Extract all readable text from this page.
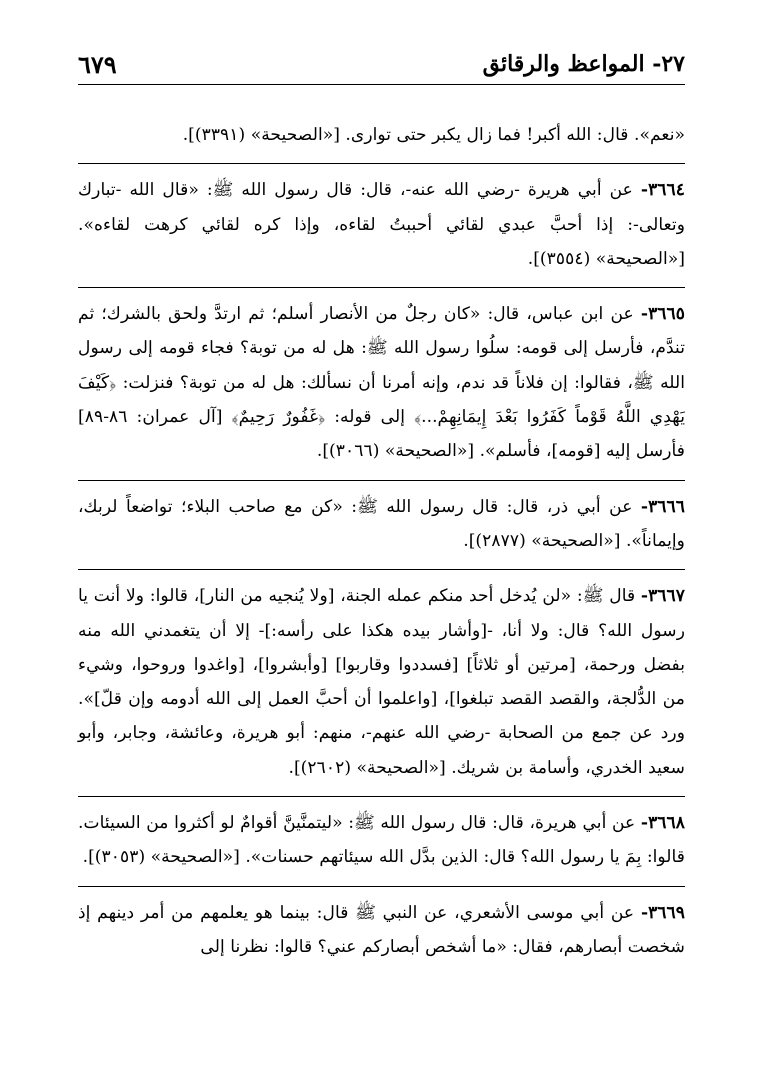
٢٧- المواعظ والرقائق
٦٧٩

«نعم». قال: الله أكبر! فما زال يكبر حتى توارى. [«الصحيحة» (٣٣٩١)].

٣٦٦٤- عن أبي هريرة -رضي الله عنه-، قال: قال رسول الله ﷺ: «قال الله -تبارك وتعالى-: إذا أحبَّ عبدي لقائي أحببتُ لقاءه، وإذا كره لقائي كرهت لقاءه». [«الصحيحة» (٣٥٥٤)].

٣٦٦٥- عن ابن عباس، قال: «كان رجلٌ من الأنصار أسلم؛ ثم ارتدَّ ولحق بالشرك؛ ثم تندَّم، فأرسل إلى قومه: سلُوا رسول الله ﷺ: هل له من توبة؟ فجاء قومه إلى رسول الله ﷺ، فقالوا: إن فلاناً قد ندم، وإنه أمرنا أن نسألك: هل له من توبة؟ فنزلت: ﴿كَيْفَ يَهْدِي اللَّهُ قَوْماً كَفَرُوا بَعْدَ إِيمَانِهِمْ...﴾ إلى قوله: ﴿غَفُورٌ رَحِيمٌ﴾ [آل عمران: ٨٦-٨٩] فأرسل إليه [قومه]، فأسلم». [«الصحيحة» (٣٠٦٦)].

٣٦٦٦- عن أبي ذر، قال: قال رسول الله ﷺ: «كن مع صاحب البلاء؛ تواضعاً لربك، وإيماناً». [«الصحيحة» (٢٨٧٧)].

٣٦٦٧- قال ﷺ: «لن يُدخل أحد منكم عمله الجنة، [ولا يُنجيه من النار]، قالوا: ولا أنت يا رسول الله؟ قال: ولا أنا، -[وأشار بيده هكذا على رأسه:]- إلا أن يتغمدني الله منه بفضل ورحمة، [مرتين أو ثلاثاً] [فسددوا وقاربوا] [وأبشروا]، [واغدوا وروحوا، وشيء من الدُّلجة، والقصد القصد تبلغوا]، [واعلموا أن أحبَّ العمل إلى الله أدومه وإن قلّ]». ورد عن جمع من الصحابة -رضي الله عنهم-، منهم: أبو هريرة، وعائشة، وجابر، وأبو سعيد الخدري، وأسامة بن شريك. [«الصحيحة» (٢٦٠٢)].

٣٦٦٨- عن أبي هريرة، قال: قال رسول الله ﷺ: «ليتمنَّينَّ أقوامٌ لو أكثروا من السيئات. قالوا: بِمَ يا رسول الله؟ قال: الذين بدَّل الله سيئاتهم حسنات». [«الصحيحة» (٣٠٥٣)].

٣٦٦٩- عن أبي موسى الأشعري، عن النبي ﷺ قال: بينما هو يعلمهم من أمر دينهم إذ شخصت أبصارهم، فقال: «ما أشخص أبصاركم عني؟ قالوا: نظرنا إلى
